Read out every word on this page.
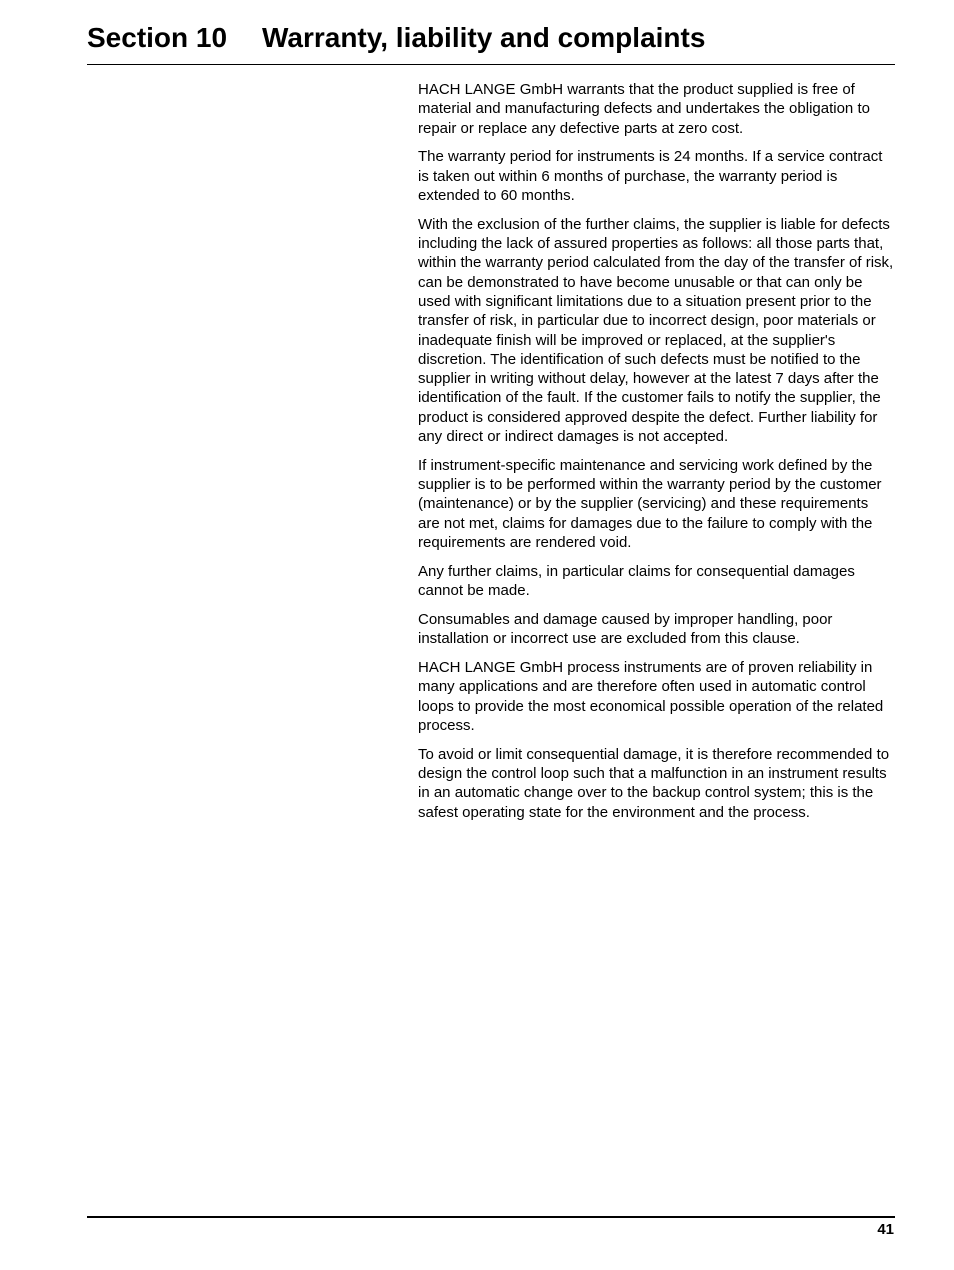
Section 10 Warranty, liability and complaints

HACH LANGE GmbH warrants that the product supplied is free of material and manufacturing defects and undertakes the obligation to repair or replace any defective parts at zero cost.

The warranty period for instruments is 24 months. If a service contract is taken out within 6 months of purchase, the warranty period is extended to 60 months.

With the exclusion of the further claims, the supplier is liable for defects including the lack of assured properties as follows: all those parts that, within the warranty period calculated from the day of the transfer of risk, can be demonstrated to have become unusable or that can only be used with significant limitations due to a situation present prior to the transfer of risk, in particular due to incorrect design, poor materials or inadequate finish will be improved or replaced, at the supplier's discretion. The identification of such defects must be notified to the supplier in writing without delay, however at the latest 7 days after the identification of the fault. If the customer fails to notify the supplier, the product is considered approved despite the defect. Further liability for any direct or indirect damages is not accepted.

If instrument-specific maintenance and servicing work defined by the supplier is to be performed within the warranty period by the customer (maintenance) or by the supplier (servicing) and these requirements are not met, claims for damages due to the failure to comply with the requirements are rendered void.

Any further claims, in particular claims for consequential damages cannot be made.

Consumables and damage caused by improper handling, poor installation or incorrect use are excluded from this clause.

HACH LANGE GmbH process instruments are of proven reliability in many applications and are therefore often used in automatic control loops to provide the most economical possible operation of the related process.

To avoid or limit consequential damage, it is therefore recommended to design the control loop such that a malfunction in an instrument results in an automatic change over to the backup control system; this is the safest operating state for the environment and the process.

41
